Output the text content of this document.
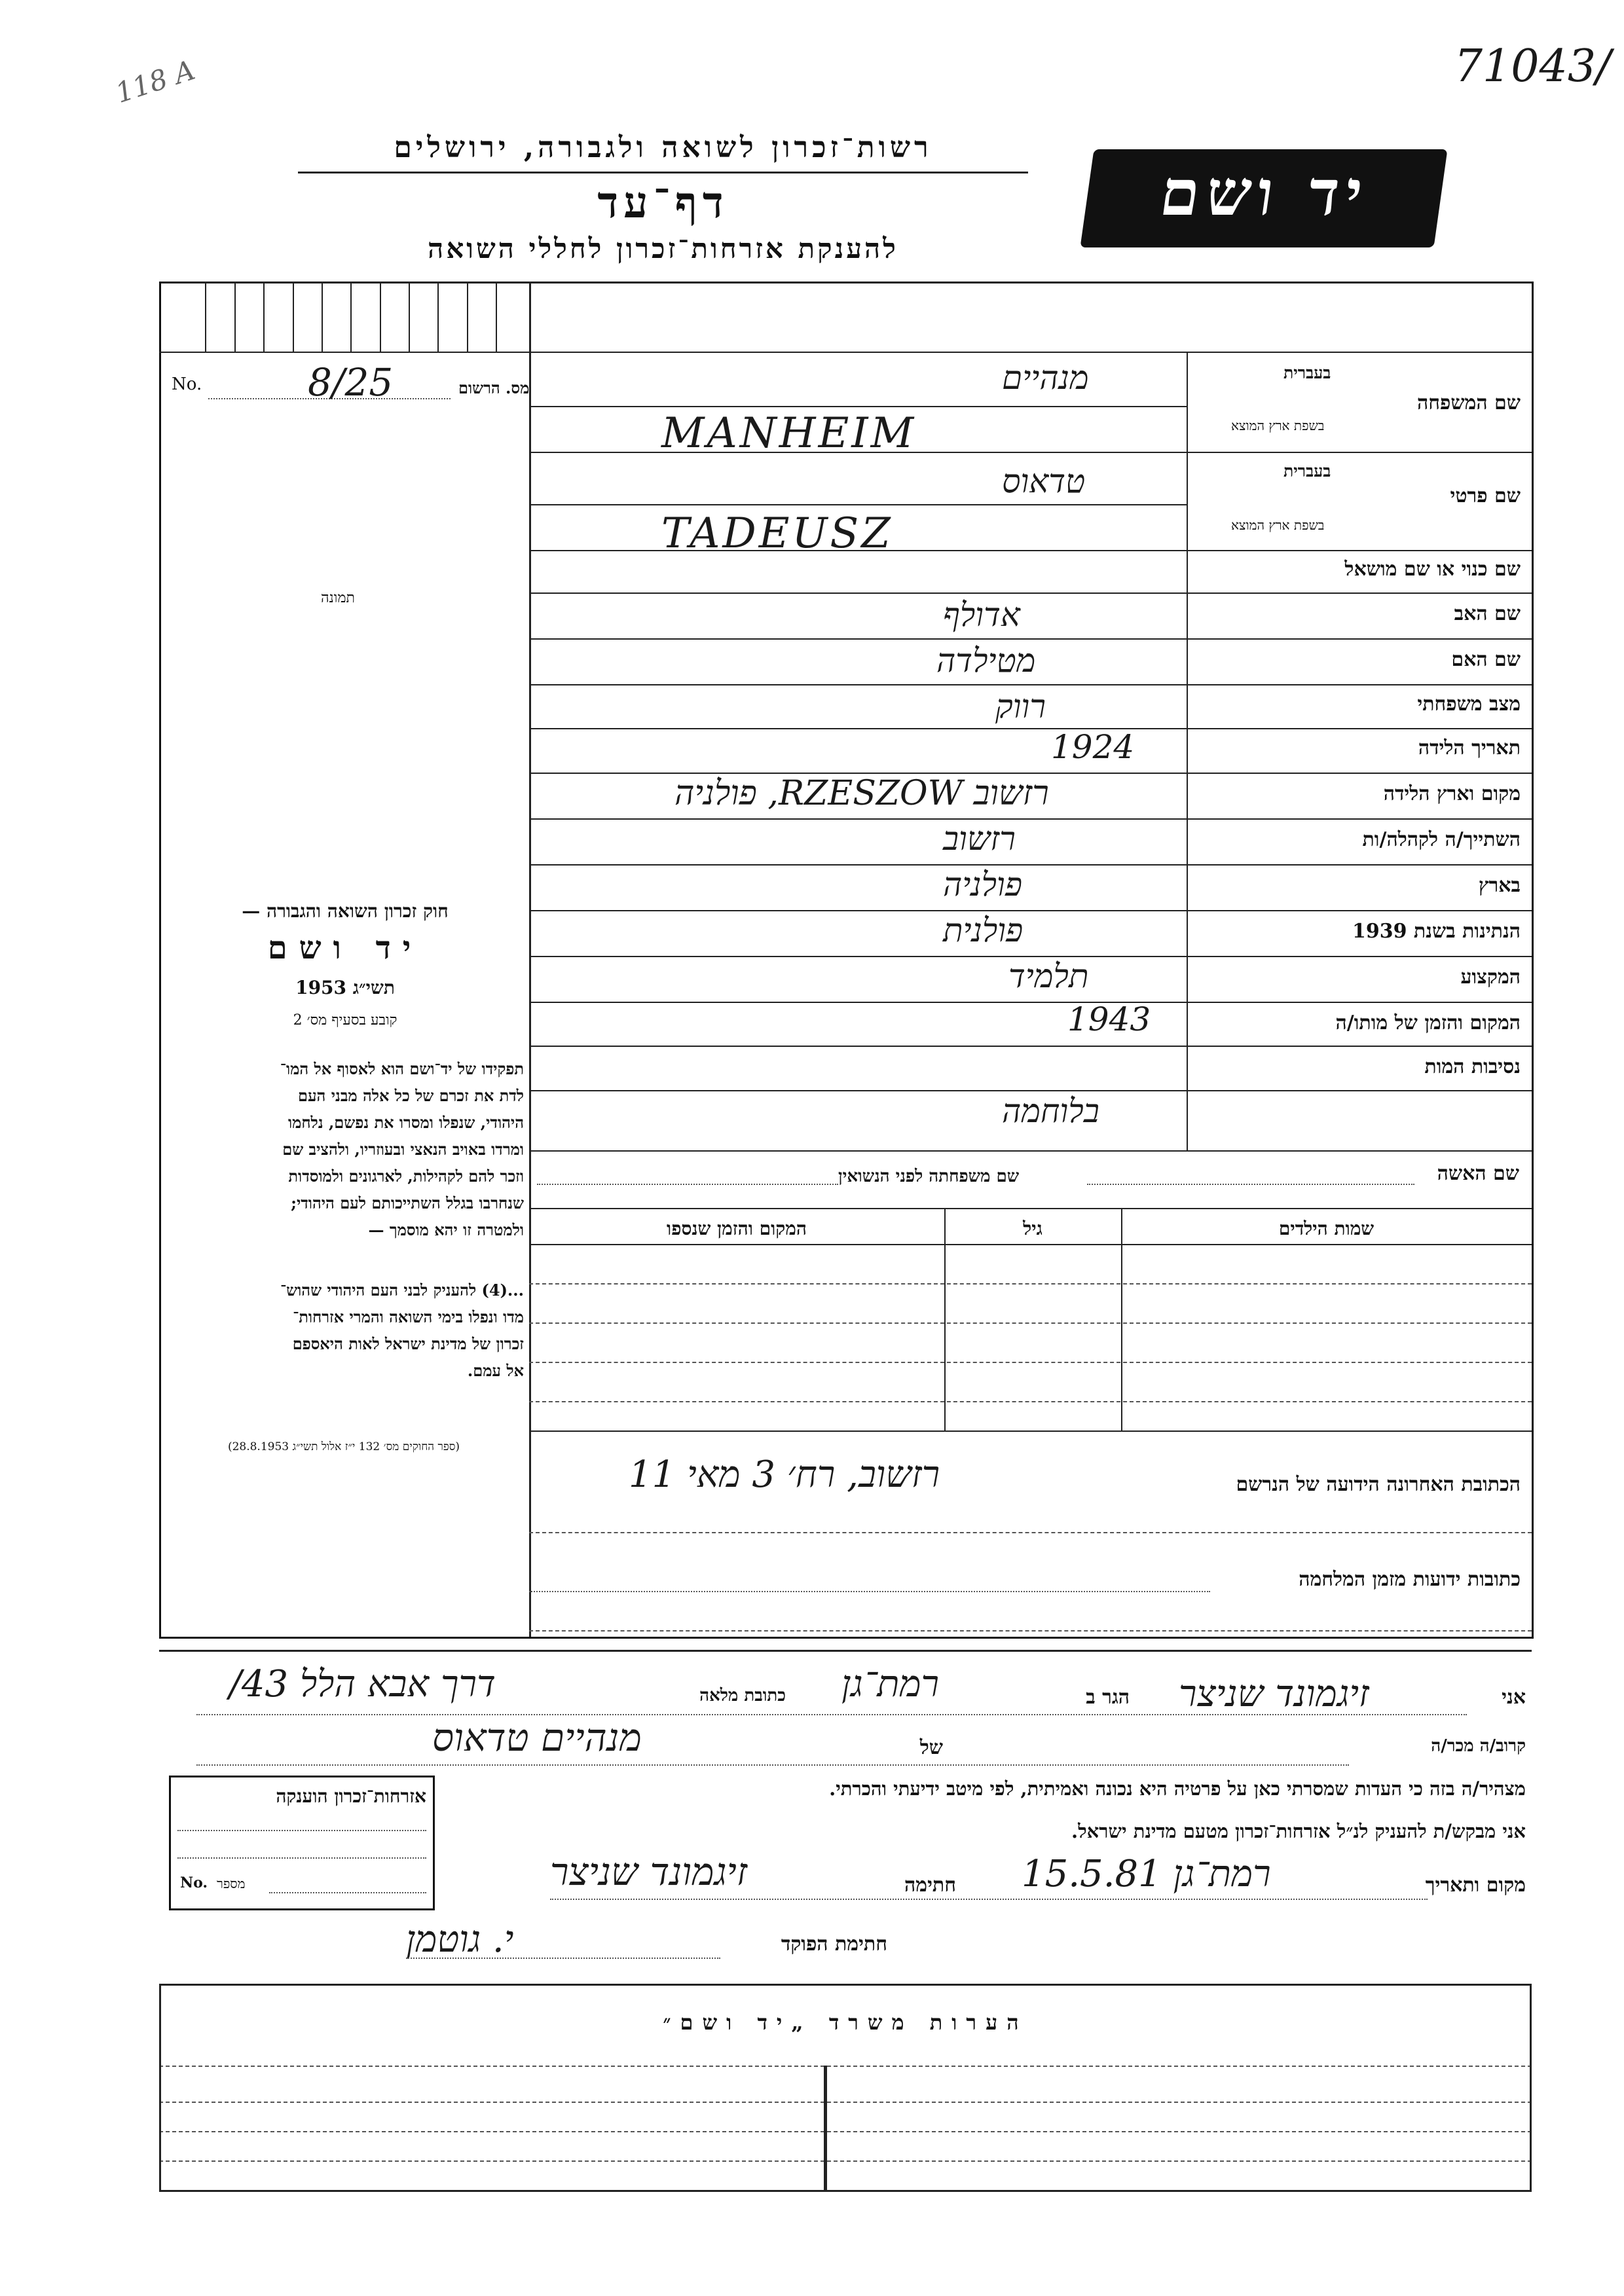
71043/
118 A
רשות־זכרון לשואה ולגבורה, ירושלים
דף־עד
להענקת אזרחות־זכרון לחללי השואה
יד ושם
מס. הרשום
No.	8/25
תמונה
חוק זכרון השואה והגבורה —
יד ושם
תשי״ג 1953
קובע בסעיף מס׳ 2
תפקידו של יד־ושם הוא לאסוף אל המו־
לדת את זכרם של כל אלה מבני העם
היהודי, שנפלו ומסרו את נפשם, נלחמו
ומרדו באויב הנאצי ובעוזריו, ולהציב שם
וזכר להם לקהילות, לארגונים ולמוסדות
שנחרבו בגלל השתייכותם לעם היהודי;
ולמטרה זו יהא מוסמך —
...(4) להעניק לבני העם היהודי שהוש־
מדו ונפלו בימי השואה והמרי אזרחות־
זכרון של מדינת ישראל לאות היאספם
אל עמם.
(ספר החוקים מס׳ 132 י״ז אלול תשי״ג 28.8.1953)
שם המשפחה
בעברית
בשפת ארץ המוצא
שם פרטי
בעברית
בשפת ארץ המוצא
שם כנוי או שם מושאל
שם האב
שם האם
מצב משפחתי
תאריך הלידה
מקום וארץ הלידה
השתייך/ה לקהלה/ות
בארץ
הנתינות בשנת 1939
המקצוע
המקום והזמן של מותו/ה
נסיבות המות
מנהיים
MANHEIM
טדאוס
TADEUSZ
אדולף
מטילדה
רווק
1924
רזשוב RZESZOW, פולניה
רזשוב
פולניה
פולנית
תלמיד
1943
בלוחמה
שם האשה
שם משפחתה לפני הנשואין
שמות הילדים
גיל
המקום והזמן שנספו
הכתובת האחרונה הידועה של הנרשם
רזשוב, רח׳ 3 מאי 11
כתובות ידועות מזמן המלחמה
אני
זיגמונד שניצר
הגר ב
רמת־גן
כתובת מלאה
דרך אבא הלל 43/
קרוב/ה מכר/ה
של
מנהיים טדאוס
מצהיר/ה בזה כי העדות שמסרתי כאן על פרטיה היא נכונה ואמיתית, לפי מיטב ידיעתי והכרתי.
אני מבקש/ת להעניק לנ״ל אזרחות־זכרון מטעם מדינת ישראל.
מקום ותאריך
רמת־גן 15.5.81
חתימה
זיגמונד שניצר
חתימת הפוקד
י. גוטמן
אזרחות־זכרון הוענקה
No. מספר
הערות משרד „יד ושם״
